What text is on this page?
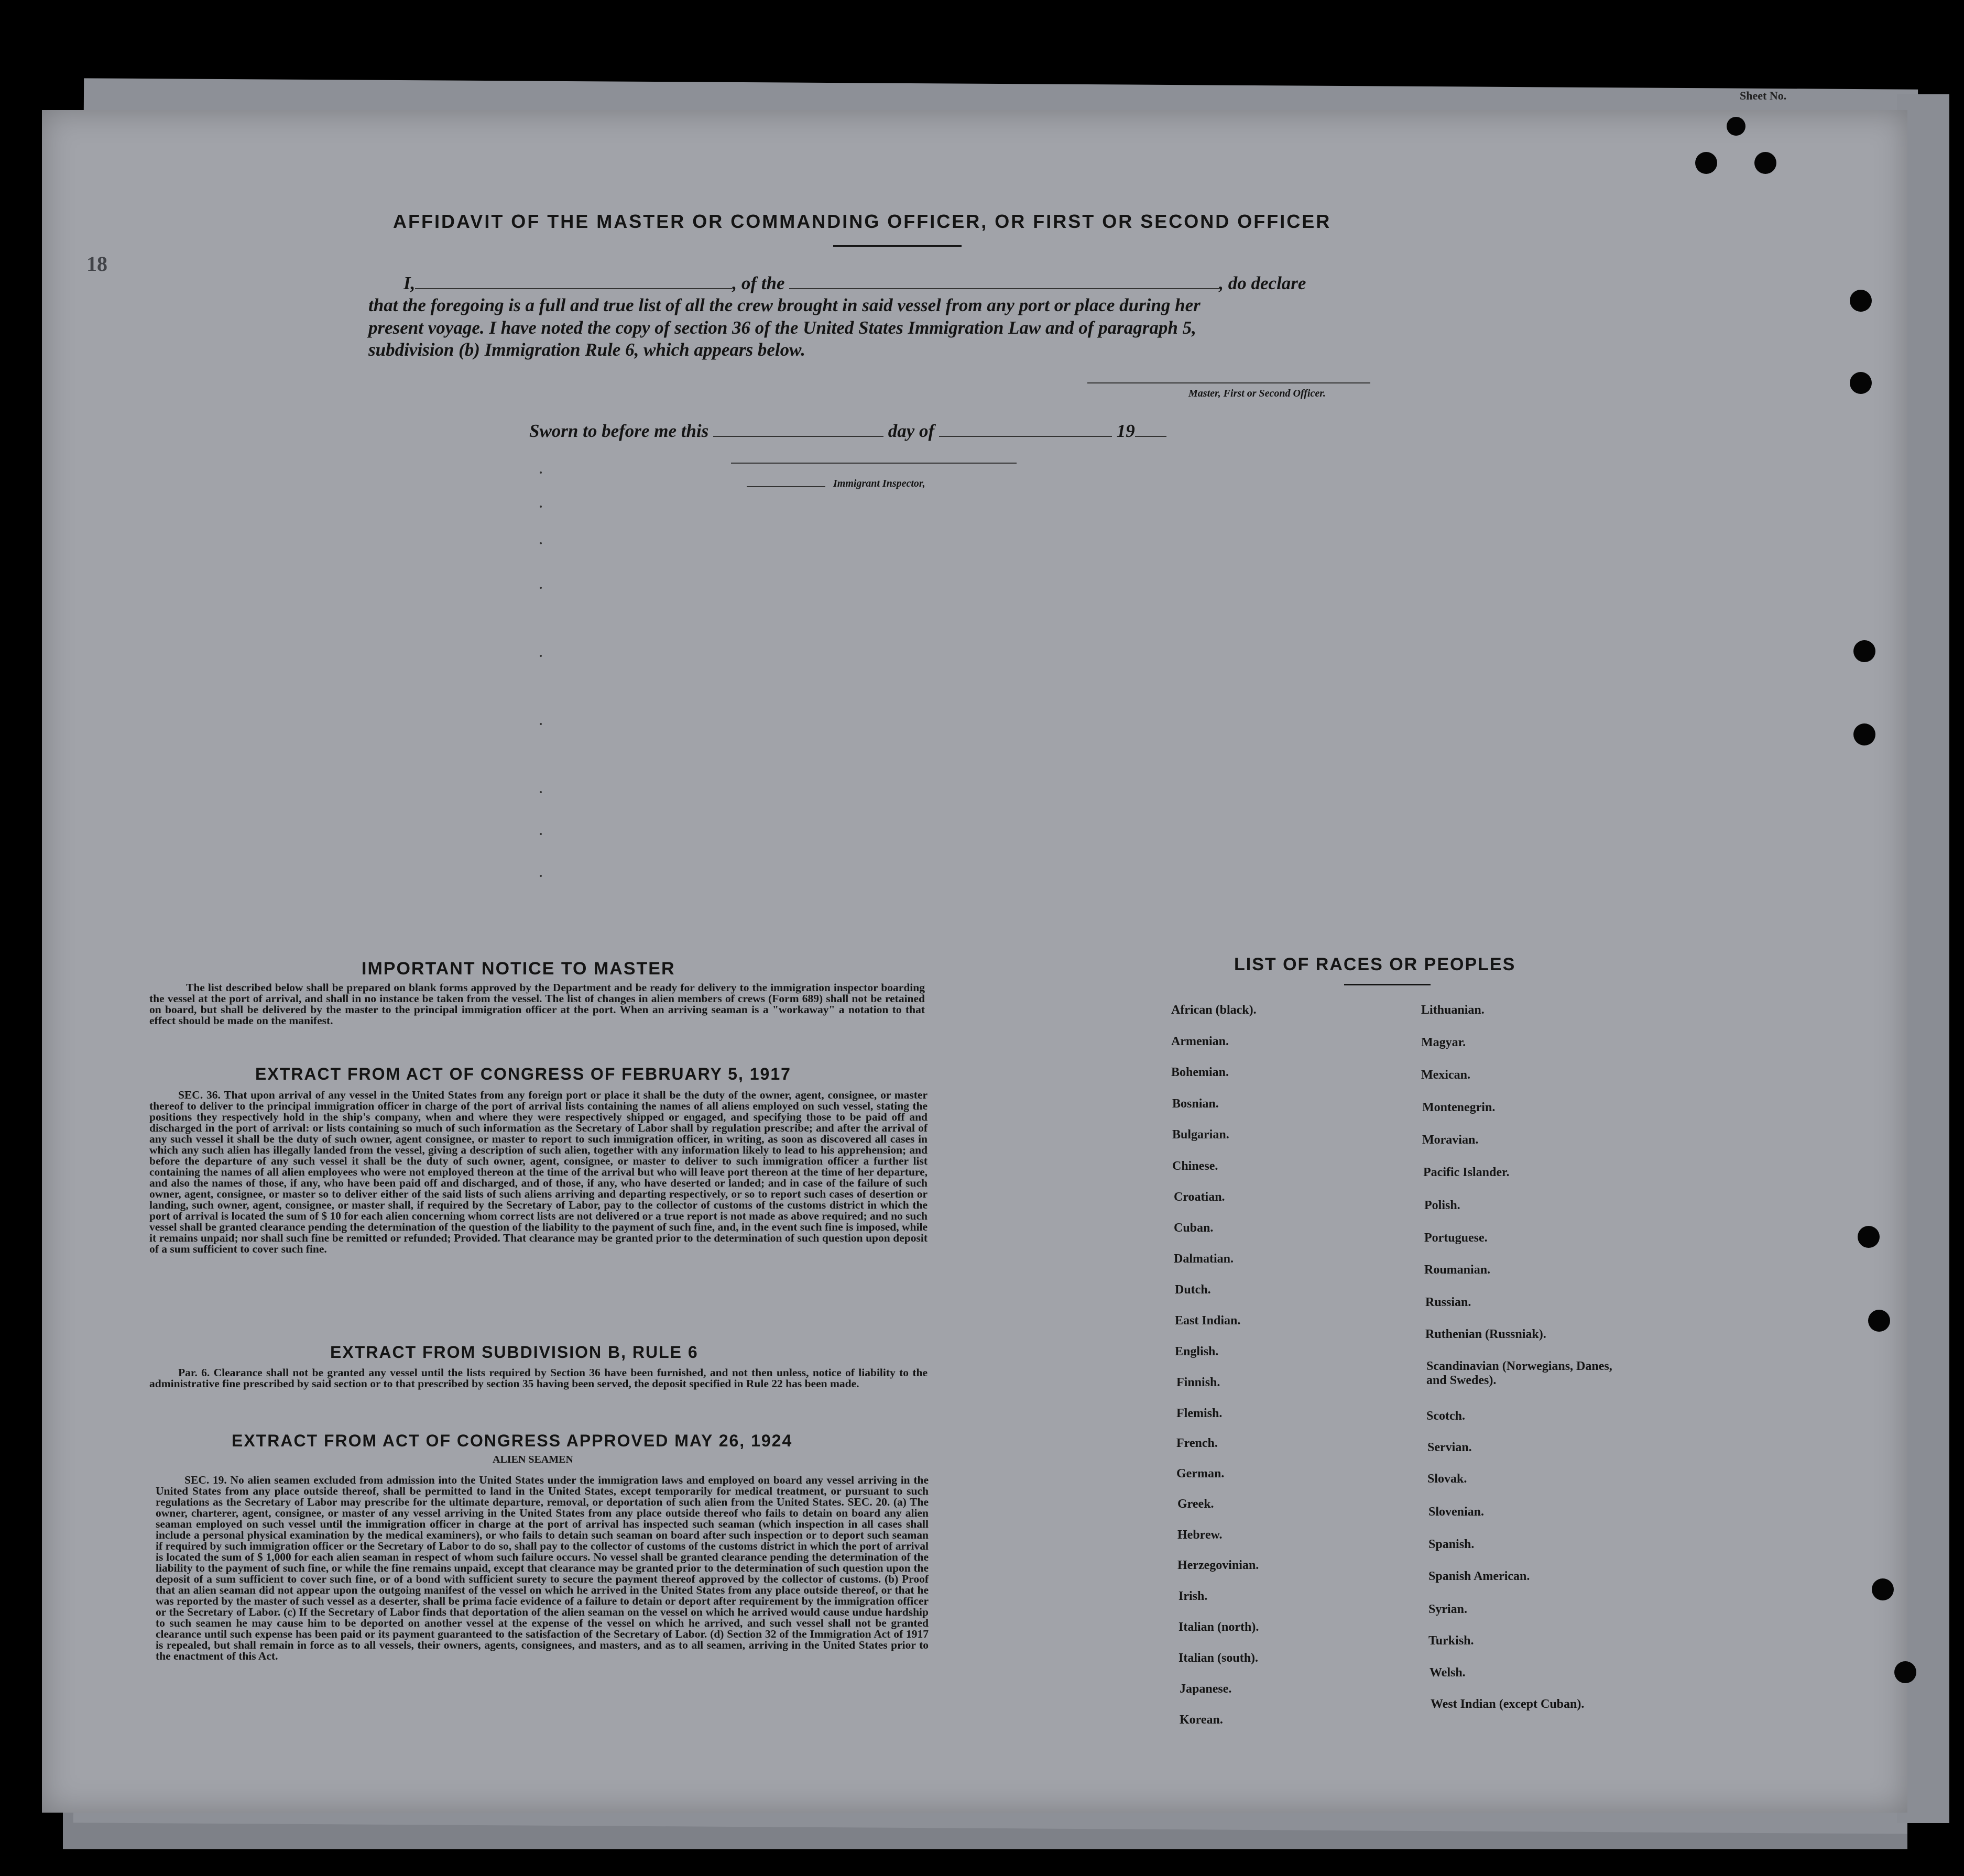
Sheet No.
18
AFFIDAVIT OF THE MASTER OR COMMANDING OFFICER, OR FIRST OR SECOND OFFICER
I,	, of the	, do declare
that the foregoing is a full and true list of all the crew brought in said vessel from any port or place during her
present voyage. I have noted the copy of section 36 of the United States Immigration Law and of paragraph 5,
subdivision (b) Immigration Rule 6, which appears below.
Master, First or Second Officer.
Sworn to before me this	day of	19
Immigrant Inspector,
IMPORTANT NOTICE TO MASTER
The list described below shall be prepared on blank forms approved by the Department and be ready for delivery to the immigration inspector boarding the vessel at the port of arrival, and shall in no instance be taken from the vessel. The list of changes in alien members of crews (Form 689) shall not be retained on board, but shall be delivered by the master to the principal immigration officer at the port. When an arriving seaman is a "workaway" a notation to that effect should be made on the manifest.
EXTRACT FROM ACT OF CONGRESS OF FEBRUARY 5, 1917
SEC. 36. That upon arrival of any vessel in the United States from any foreign port or place it shall be the duty of the owner, agent, consignee, or master thereof to deliver to the principal immigration officer in charge of the port of arrival lists containing the names of all aliens employed on such vessel, stating the positions they respectively hold in the ship's company, when and where they were respectively shipped or engaged, and specifying those to be paid off and discharged in the port of arrival: or lists containing so much of such information as the Secretary of Labor shall by regulation prescribe; and after the arrival of any such vessel it shall be the duty of such owner, agent consignee, or master to report to such immigration officer, in writing, as soon as discovered all cases in which any such alien has illegally landed from the vessel, giving a description of such alien, together with any information likely to lead to his apprehension; and before the departure of any such vessel it shall be the duty of such owner, agent, consignee, or master to deliver to such immigration officer a further list containing the names of all alien employees who were not employed thereon at the time of the arrival but who will leave port thereon at the time of her departure, and also the names of those, if any, who have been paid off and discharged, and of those, if any, who have deserted or landed; and in case of the failure of such owner, agent, consignee, or master so to deliver either of the said lists of such aliens arriving and departing respectively, or so to report such cases of desertion or landing, such owner, agent, consignee, or master shall, if required by the Secretary of Labor, pay to the collector of customs of the customs district in which the port of arrival is located the sum of $ 10 for each alien concerning whom correct lists are not delivered or a true report is not made as above required; and no such vessel shall be granted clearance pending the determination of the question of the liability to the payment of such fine, and, in the event such fine is imposed, while it remains unpaid; nor shall such fine be remitted or refunded; Provided. That clearance may be granted prior to the determination of such question upon deposit of a sum sufficient to cover such fine.
EXTRACT FROM SUBDIVISION B, RULE 6
Par. 6. Clearance shall not be granted any vessel until the lists required by Section 36 have been furnished, and not then unless, notice of liability to the administrative fine prescribed by said section or to that prescribed by section 35 having been served, the deposit specified in Rule 22 has been made.
EXTRACT FROM ACT OF CONGRESS APPROVED MAY 26, 1924
ALIEN SEAMEN
SEC. 19. No alien seamen excluded from admission into the United States under the immigration laws and employed on board any vessel arriving in the United States from any place outside thereof, shall be permitted to land in the United States, except temporarily for medical treatment, or pursuant to such regulations as the Secretary of Labor may prescribe for the ultimate departure, removal, or deportation of such alien from the United States. SEC. 20. (a) The owner, charterer, agent, consignee, or master of any vessel arriving in the United States from any place outside thereof who fails to detain on board any alien seaman employed on such vessel until the immigration officer in charge at the port of arrival has inspected such seaman (which inspection in all cases shall include a personal physical examination by the medical examiners), or who fails to detain such seaman on board after such inspection or to deport such seaman if required by such immigration officer or the Secretary of Labor to do so, shall pay to the collector of customs of the customs district in which the port of arrival is located the sum of $ 1,000 for each alien seaman in respect of whom such failure occurs. No vessel shall be granted clearance pending the determination of the liability to the payment of such fine, or while the fine remains unpaid, except that clearance may be granted prior to the determination of such question upon the deposit of a sum sufficient to cover such fine, or of a bond with sufficient surety to secure the payment thereof approved by the collector of customs. (b) Proof that an alien seaman did not appear upon the outgoing manifest of the vessel on which he arrived in the United States from any place outside thereof, or that he was reported by the master of such vessel as a deserter, shall be prima facie evidence of a failure to detain or deport after requirement by the immigration officer or the Secretary of Labor. (c) If the Secretary of Labor finds that deportation of the alien seaman on the vessel on which he arrived would cause undue hardship to such seamen he may cause him to be deported on another vessel at the expense of the vessel on which he arrived, and such vessel shall not be granted clearance until such expense has been paid or its payment guaranteed to the satisfaction of the Secretary of Labor. (d) Section 32 of the Immigration Act of 1917 is repealed, but shall remain in force as to all vessels, their owners, agents, consignees, and masters, and as to all seamen, arriving in the United States prior to the enactment of this Act.
LIST OF RACES OR PEOPLES
African (black).
Armenian.
Bohemian.
Bosnian.
Bulgarian.
Chinese.
Croatian.
Cuban.
Dalmatian.
Dutch.
East Indian.
English.
Finnish.
Flemish.
French.
German.
Greek.
Hebrew.
Herzegovinian.
Irish.
Italian (north).
Italian (south).
Japanese.
Korean.
Lithuanian.
Magyar.
Mexican.
Montenegrin.
Moravian.
Pacific Islander.
Polish.
Portuguese.
Roumanian.
Russian.
Ruthenian (Russniak).
Scandinavian (Norwegians, Danes, and Swedes).
Scotch.
Servian.
Slovak.
Slovenian.
Spanish.
Spanish American.
Syrian.
Turkish.
Welsh.
West Indian (except Cuban).
